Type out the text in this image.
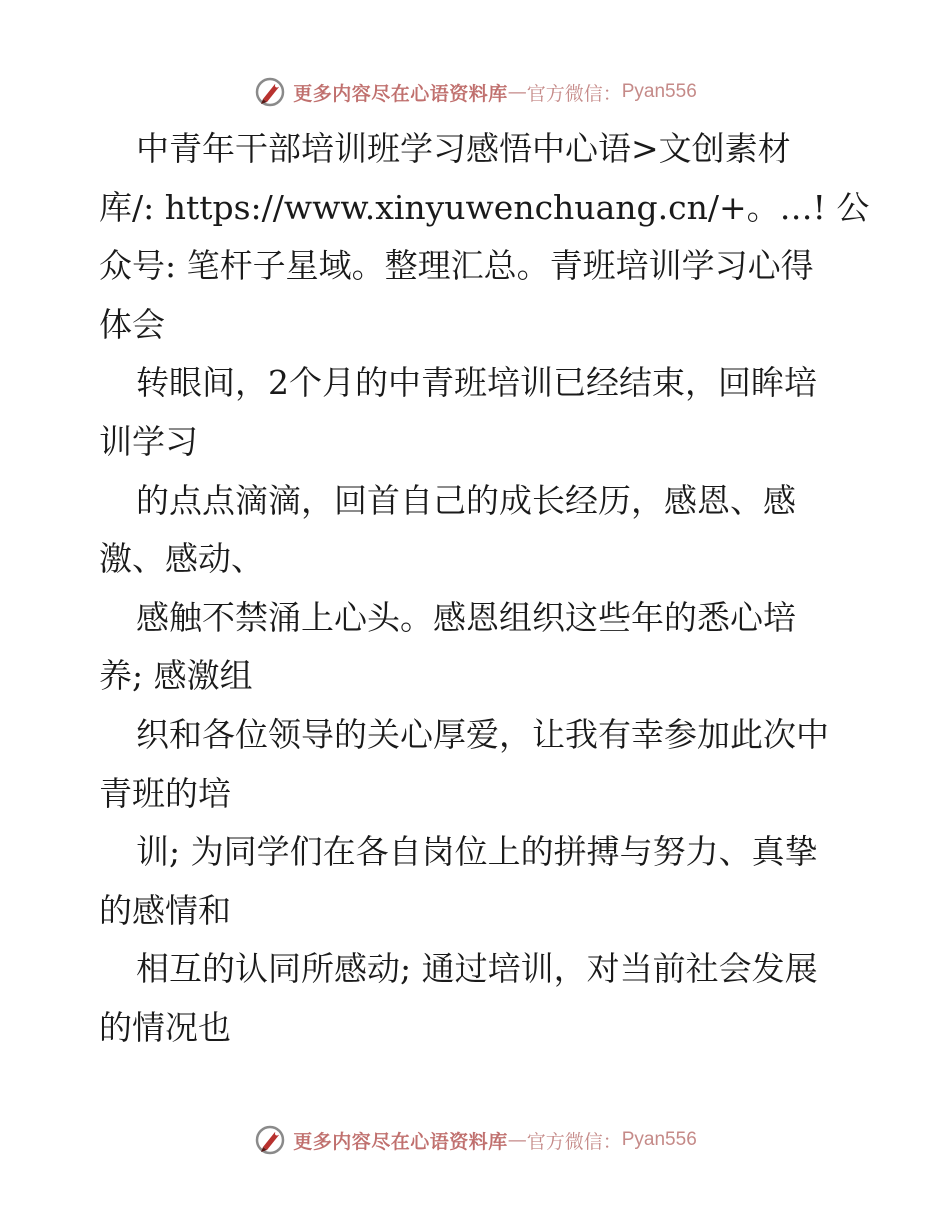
更多内容尽在心语资料库 — 官方微信： Pyan556
中青年干部培训班学习感悟中心语>文创素材
库/: https://www.xinyuwenchuang.cn/+。…! 公
众号: 笔杆子星域。整理汇总。青班培训学习心得
体会
转眼间，2个月的中青班培训已经结束，回眸培
训学习
的点点滴滴，回首自己的成长经历，感恩、感
激、感动、
感触不禁涌上心头。感恩组织这些年的悉心培
养; 感激组
织和各位领导的关心厚爱，让我有幸参加此次中
青班的培
训; 为同学们在各自岗位上的拼搏与努力、真挚
的感情和
相互的认同所感动; 通过培训，对当前社会发展
的情况也
更多内容尽在心语资料库 — 官方微信： Pyan556
